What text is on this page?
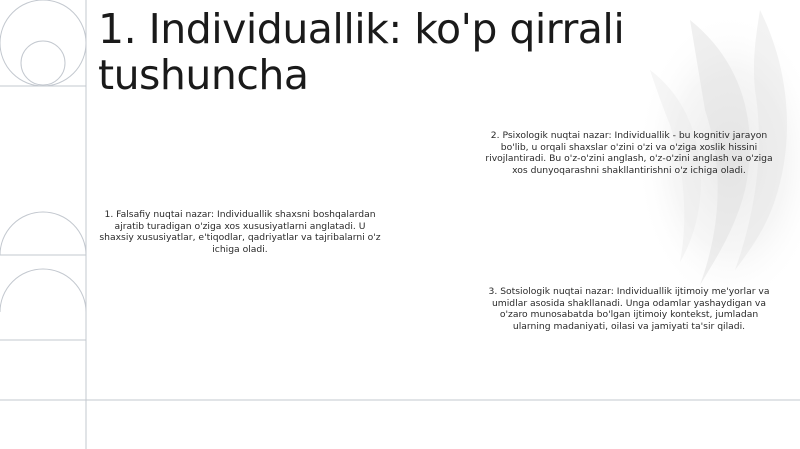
1. Individuallik: ko'p qirrali tushuncha

1. Falsafiy nuqtai nazar: Individuallik shaxsni boshqalardan ajratib turadigan o'ziga xos xususiyatlarni anglatadi. U shaxsiy xususiyatlar, e'tiqodlar, qadriyatlar va tajribalarni o'z ichiga oladi.

2. Psixologik nuqtai nazar: Individuallik - bu kognitiv jarayon bo'lib, u orqali shaxslar o'zini o'zi va o'ziga xoslik hissini rivojlantiradi. Bu o'z-o'zini anglash, o'z-o'zini anglash va o'ziga xos dunyoqarashni shakllantirishni o'z ichiga oladi.

3. Sotsiologik nuqtai nazar: Individuallik ijtimoiy me'yorlar va umidlar asosida shakllanadi. Unga odamlar yashaydigan va o'zaro munosabatda bo'lgan ijtimoiy kontekst, jumladan ularning madaniyati, oilasi va jamiyati ta'sir qiladi.
